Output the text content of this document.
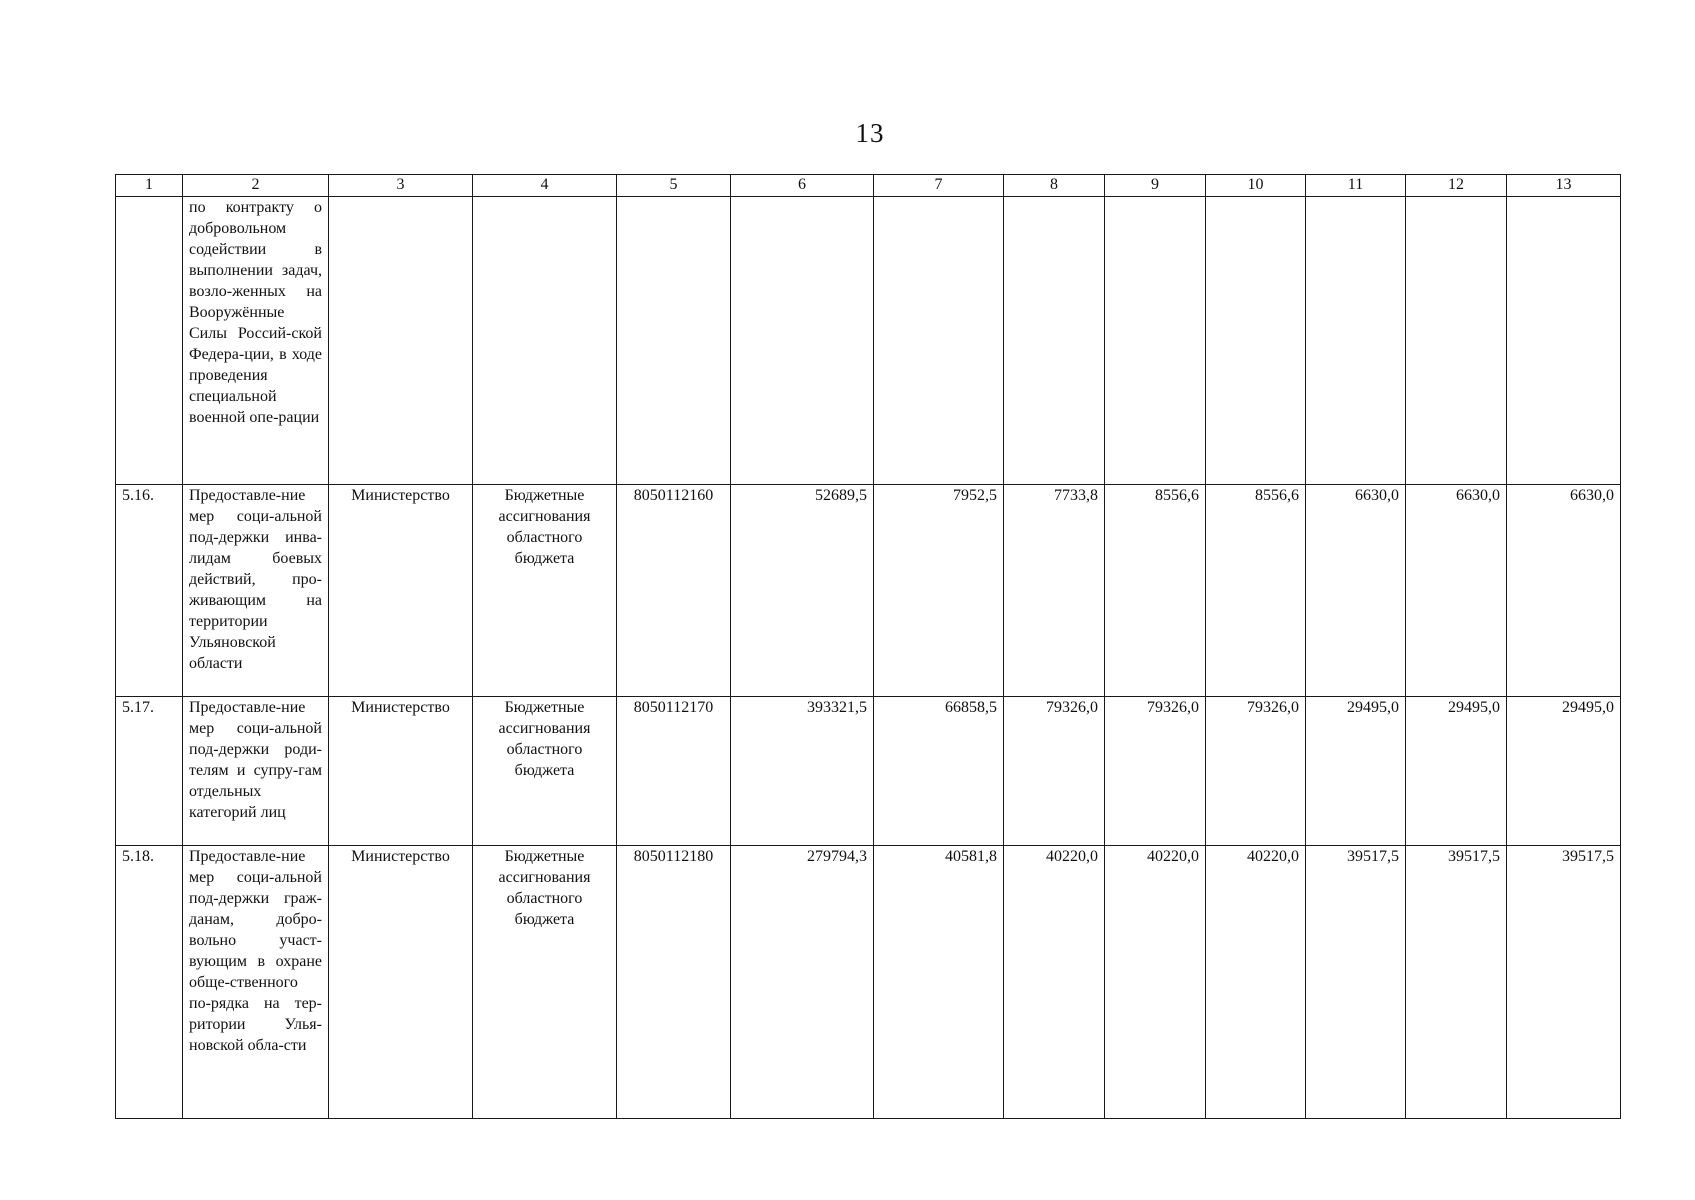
13
1	2	3	4	5	6	7	8	9	10	11	12	13
	по контракту о добровольном содействии в выполнении задач, возло-женных на Вооружённые Силы Россий-ской Федера-ции, в ходе проведения специальной военной опе-рации											
5.16.	Предоставле-ние мер соци-альной под-держки инва-лидам боевых действий, про-живающим на территории Ульяновской области	Министерство	Бюджетные ассигнования областного бюджета	8050112160	52689,5	7952,5	7733,8	8556,6	8556,6	6630,0	6630,0	6630,0
5.17.	Предоставле-ние мер соци-альной под-держки роди-телям и супру-гам отдельных категорий лиц	Министерство	Бюджетные ассигнования областного бюджета	8050112170	393321,5	66858,5	79326,0	79326,0	79326,0	29495,0	29495,0	29495,0
5.18.	Предоставле-ние мер соци-альной под-держки граж-данам, добро-вольно участ-вующим в охране обще-ственного по-рядка на тер-ритории Улья-новской обла-сти	Министерство	Бюджетные ассигнования областного бюджета	8050112180	279794,3	40581,8	40220,0	40220,0	40220,0	39517,5	39517,5	39517,5
